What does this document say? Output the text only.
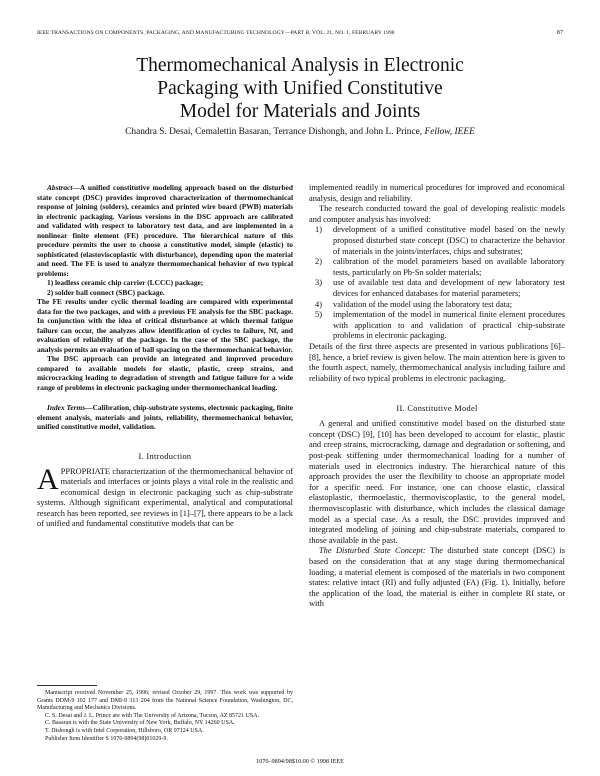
IEEE TRANSACTIONS ON COMPONENTS, PACKAGING, AND MANUFACTURING TECHNOLOGY—PART B, VOL. 21, NO. 1, FEBRUARY 1998	87
Thermomechanical Analysis in Electronic
Packaging with Unified Constitutive
Model for Materials and Joints
Chandra S. Desai, Cemalettin Basaran, Terrance Dishongh, and John L. Prince, Fellow, IEEE

Abstract—A unified constitutive modeling approach based on the disturbed state concept (DSC) provides improved characterization of thermomechanical response of joining (solders), ceramics and printed wire board (PWB) materials in electronic packaging. Various versions in the DSC approach are calibrated and validated with respect to laboratory test data, and are implemented in a nonlinear finite element (FE) procedure. The hierarchical nature of this procedure permits the user to choose a constitutive model, simple (elastic) to sophisticated (elastoviscoplastic with disturbance), depending upon the material and need. The FE is used to analyze thermomechanical behavior of two typical problems:

1) leadless ceramic chip carrier (LCCC) package;
2) solder ball connect (SBC) package.

The FE results under cyclic thermal loading are compared with experimental data for the two packages, and with a previous FE analysis for the SBC package. In conjunction with the idea of critical disturbance at which thermal fatigue failure can occur, the analyzes allow identification of cycles to failure, Nf, and evaluation of reliability of the package. In the case of the SBC package, the analysis permits an evaluation of ball spacing on the thermomechanical behavior.

The DSC approach can provide an integrated and improved procedure compared to available models for elastic, plastic, creep strains, and microcracking leading to degradation of strength and fatigue failure for a wide range of problems in electronic packaging under thermomechanical loading.

Index Terms—Calibration, chip-substrate systems, electronic packaging, finite element analysis, materials and joints, reliability, thermomechanical behavior, unified constitutive model, validation.

I. Introduction
A PPROPRIATE characterization of the thermomechanical behavior of materials and interfaces or joints plays a vital role in the realistic and economical design in electronic packaging such as chip-substrate systems. Although significant experimental, analytical and computational research has been reported, see reviews in [1]–[7], there appears to be a lack of unified and fundamental constitutive models that can be

Manuscript received November 25, 1996; revised October 29, 1997. This work was supported by Grants DDM-9 102 177 and DMI-9 313 204 from the National Science Foundation, Washington, DC, Manufacturing and Mechanics Divisions.

C. S. Desai and J. L. Prince are with The University of Arizona, Tucson, AZ 85721 USA.

C. Basaran is with the State University of New York, Buffalo, NY 14260 USA.

T. Dishongh is with Intel Corporation, Hillsboro, OR 97124 USA.

Publisher Item Identifier S 1070-9894(98)01029-9.

implemented readily in numerical procedures for improved and economical analysis, design and reliability.

The research conducted toward the goal of developing realistic models and computer analysis has involved:

1) development of a unified constitutive model based on the newly proposed disturbed state concept (DSC) to characterize the behavior of materials in the joints/interfaces, chips and substrates;
2) calibration of the model parameters based on available laboratory tests, particularly on Pb-Sn solder materials;
3) use of available test data and development of new laboratory test devices for enhanced databases for material parameters;
4) validation of the model using the laboratory test data;
5) implementation of the model in numerical finite element procedures with application to and validation of practical chip-substrate problems in electronic packaging.

Details of the first three aspects are presented in various publications [6]–[8], hence, a brief review is given below. The main attention here is given to the fourth aspect, namely, thermomechanical analysis including failure and reliability of two typical problems in electronic packaging.

II. Constitutive Model

A general and unified constitutive model based on the disturbed state concept (DSC) [9], [10] has been developed to account for elastic, plastic and creep strains, microcracking, damage and degradation or softening, and post-peak stiffening under thermomechanical loading for a number of materials used in electronics industry. The hierarchical nature of this approach provides the user the flexibility to choose an appropriate model for a specific need. For instance, one can choose elastic, classical elastoplastic, thermoelastic, thermoviscoplastic, to the general model, thermoviscoplastic with disturbance, which includes the classical damage model as a special case. As a result, the DSC provides improved and integrated modeling of joining and chip-substrate materials, compared to those available in the past.

The Disturbed State Concept: The disturbed state concept (DSC) is based on the consideration that at any stage during thermomechanical loading, a material element is composed of the materials in two component states: relative intact (RI) and fully adjusted (FA) (Fig. 1). Initially, before the application of the load, the material is either in complete RI state, or with

1070–9894/98$10.00 © 1998 IEEE
